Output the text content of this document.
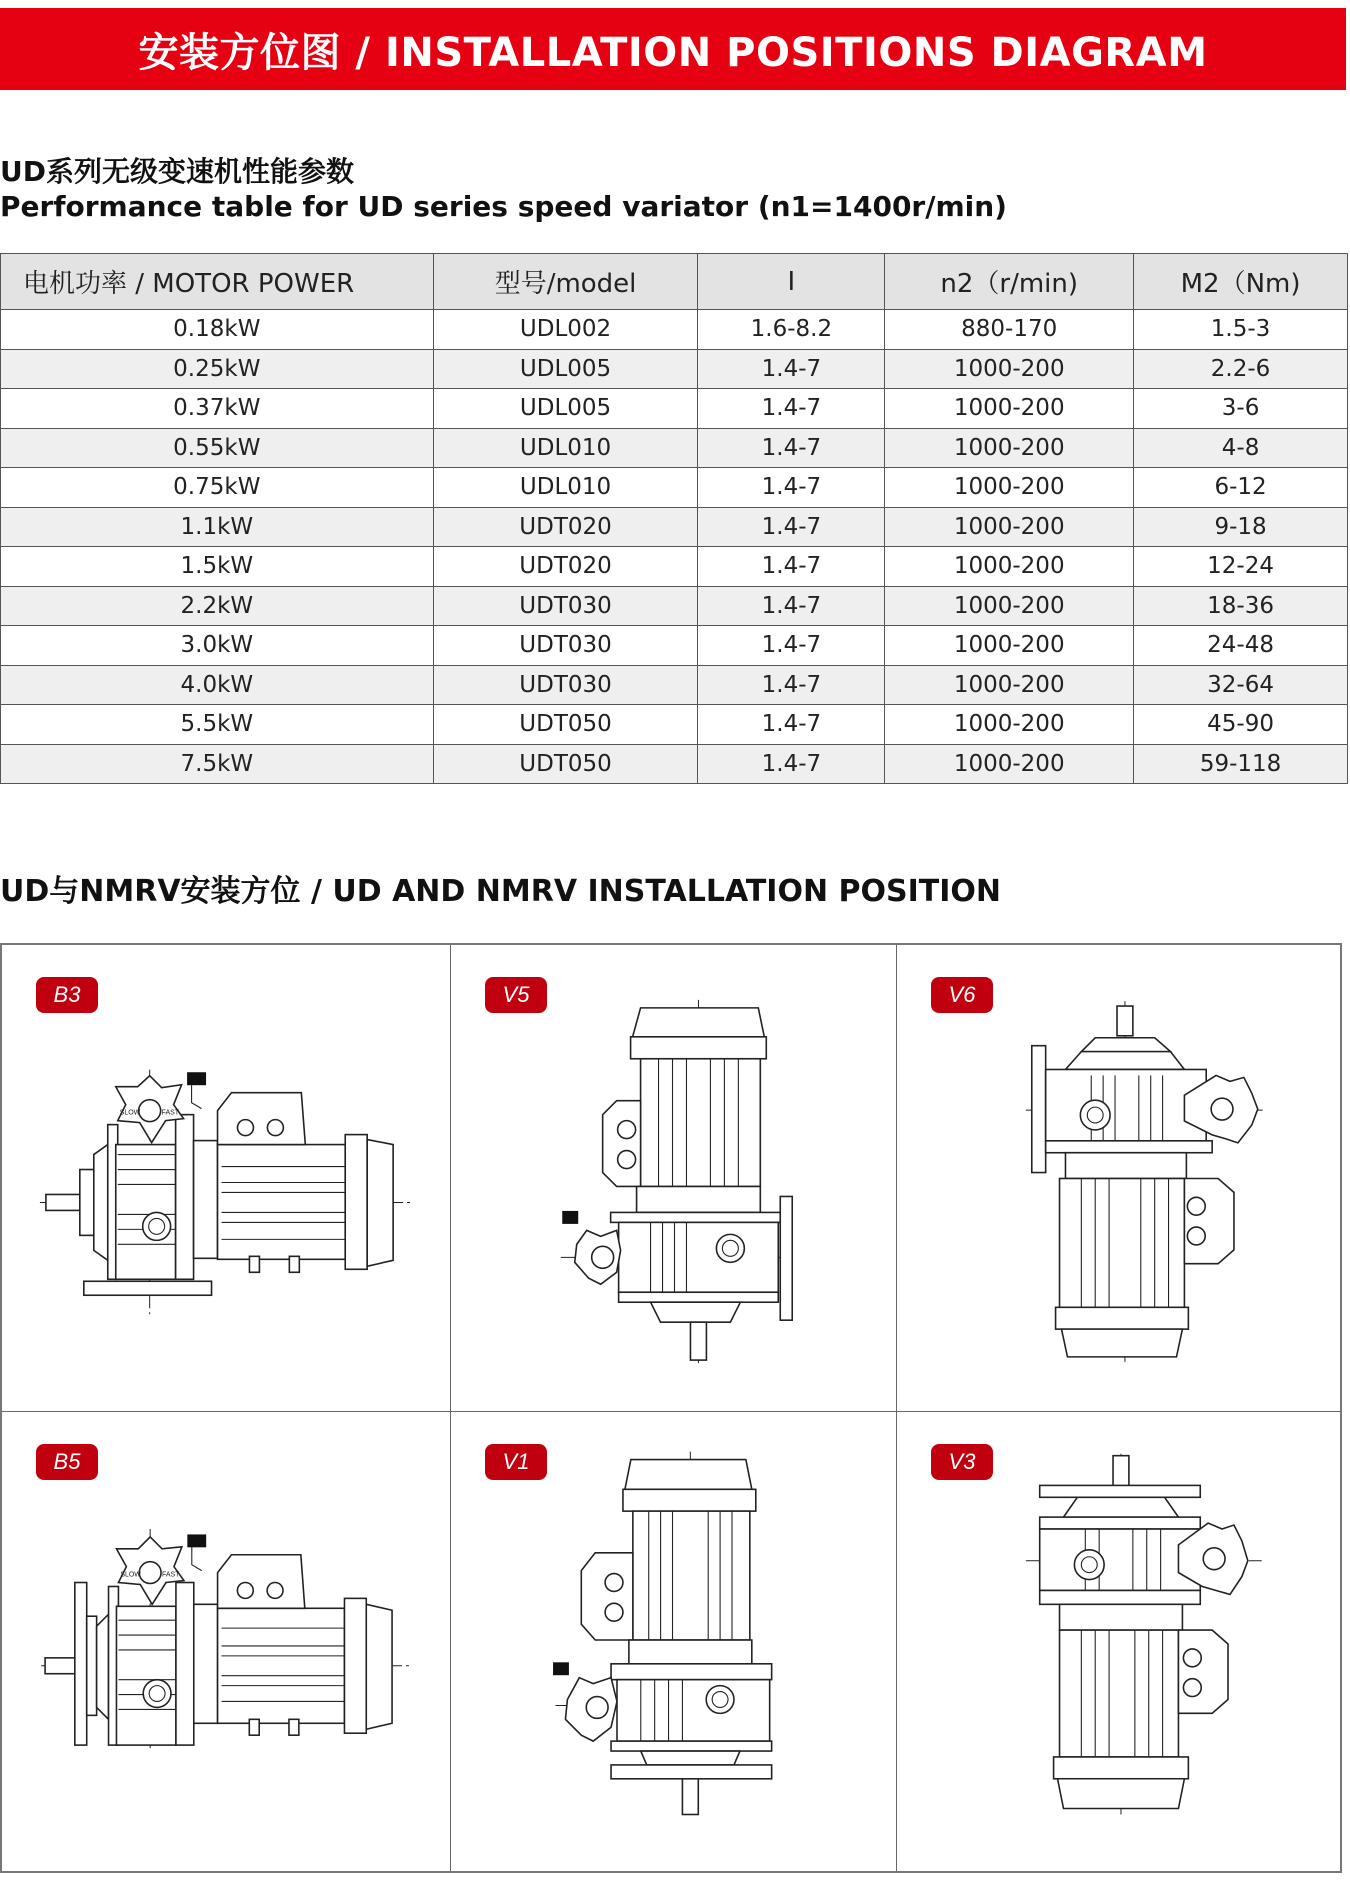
安装方位图 / INSTALLATION POSITIONS DIAGRAM
UD系列无级变速机性能参数
Performance table for UD series speed variator (n1=1400r/min)
电机功率 / MOTOR POWER	型号/model	I	n2（r/min)	M2（Nm)
0.18kW	UDL002	1.6-8.2	880-170	1.5-3
0.25kW	UDL005	1.4-7	1000-200	2.2-6
0.37kW	UDL005	1.4-7	1000-200	3-6
0.55kW	UDL010	1.4-7	1000-200	4-8
0.75kW	UDL010	1.4-7	1000-200	6-12
1.1kW	UDT020	1.4-7	1000-200	9-18
1.5kW	UDT020	1.4-7	1000-200	12-24
2.2kW	UDT030	1.4-7	1000-200	18-36
3.0kW	UDT030	1.4-7	1000-200	24-48
4.0kW	UDT030	1.4-7	1000-200	32-64
5.5kW	UDT050	1.4-7	1000-200	45-90
7.5kW	UDT050	1.4-7	1000-200	59-118
UD与NMRV安装方位 / UD AND NMRV INSTALLATION POSITION
B3
SLOW	FAST
V5	V6
B5
SLOW	FAST
V1	V3
